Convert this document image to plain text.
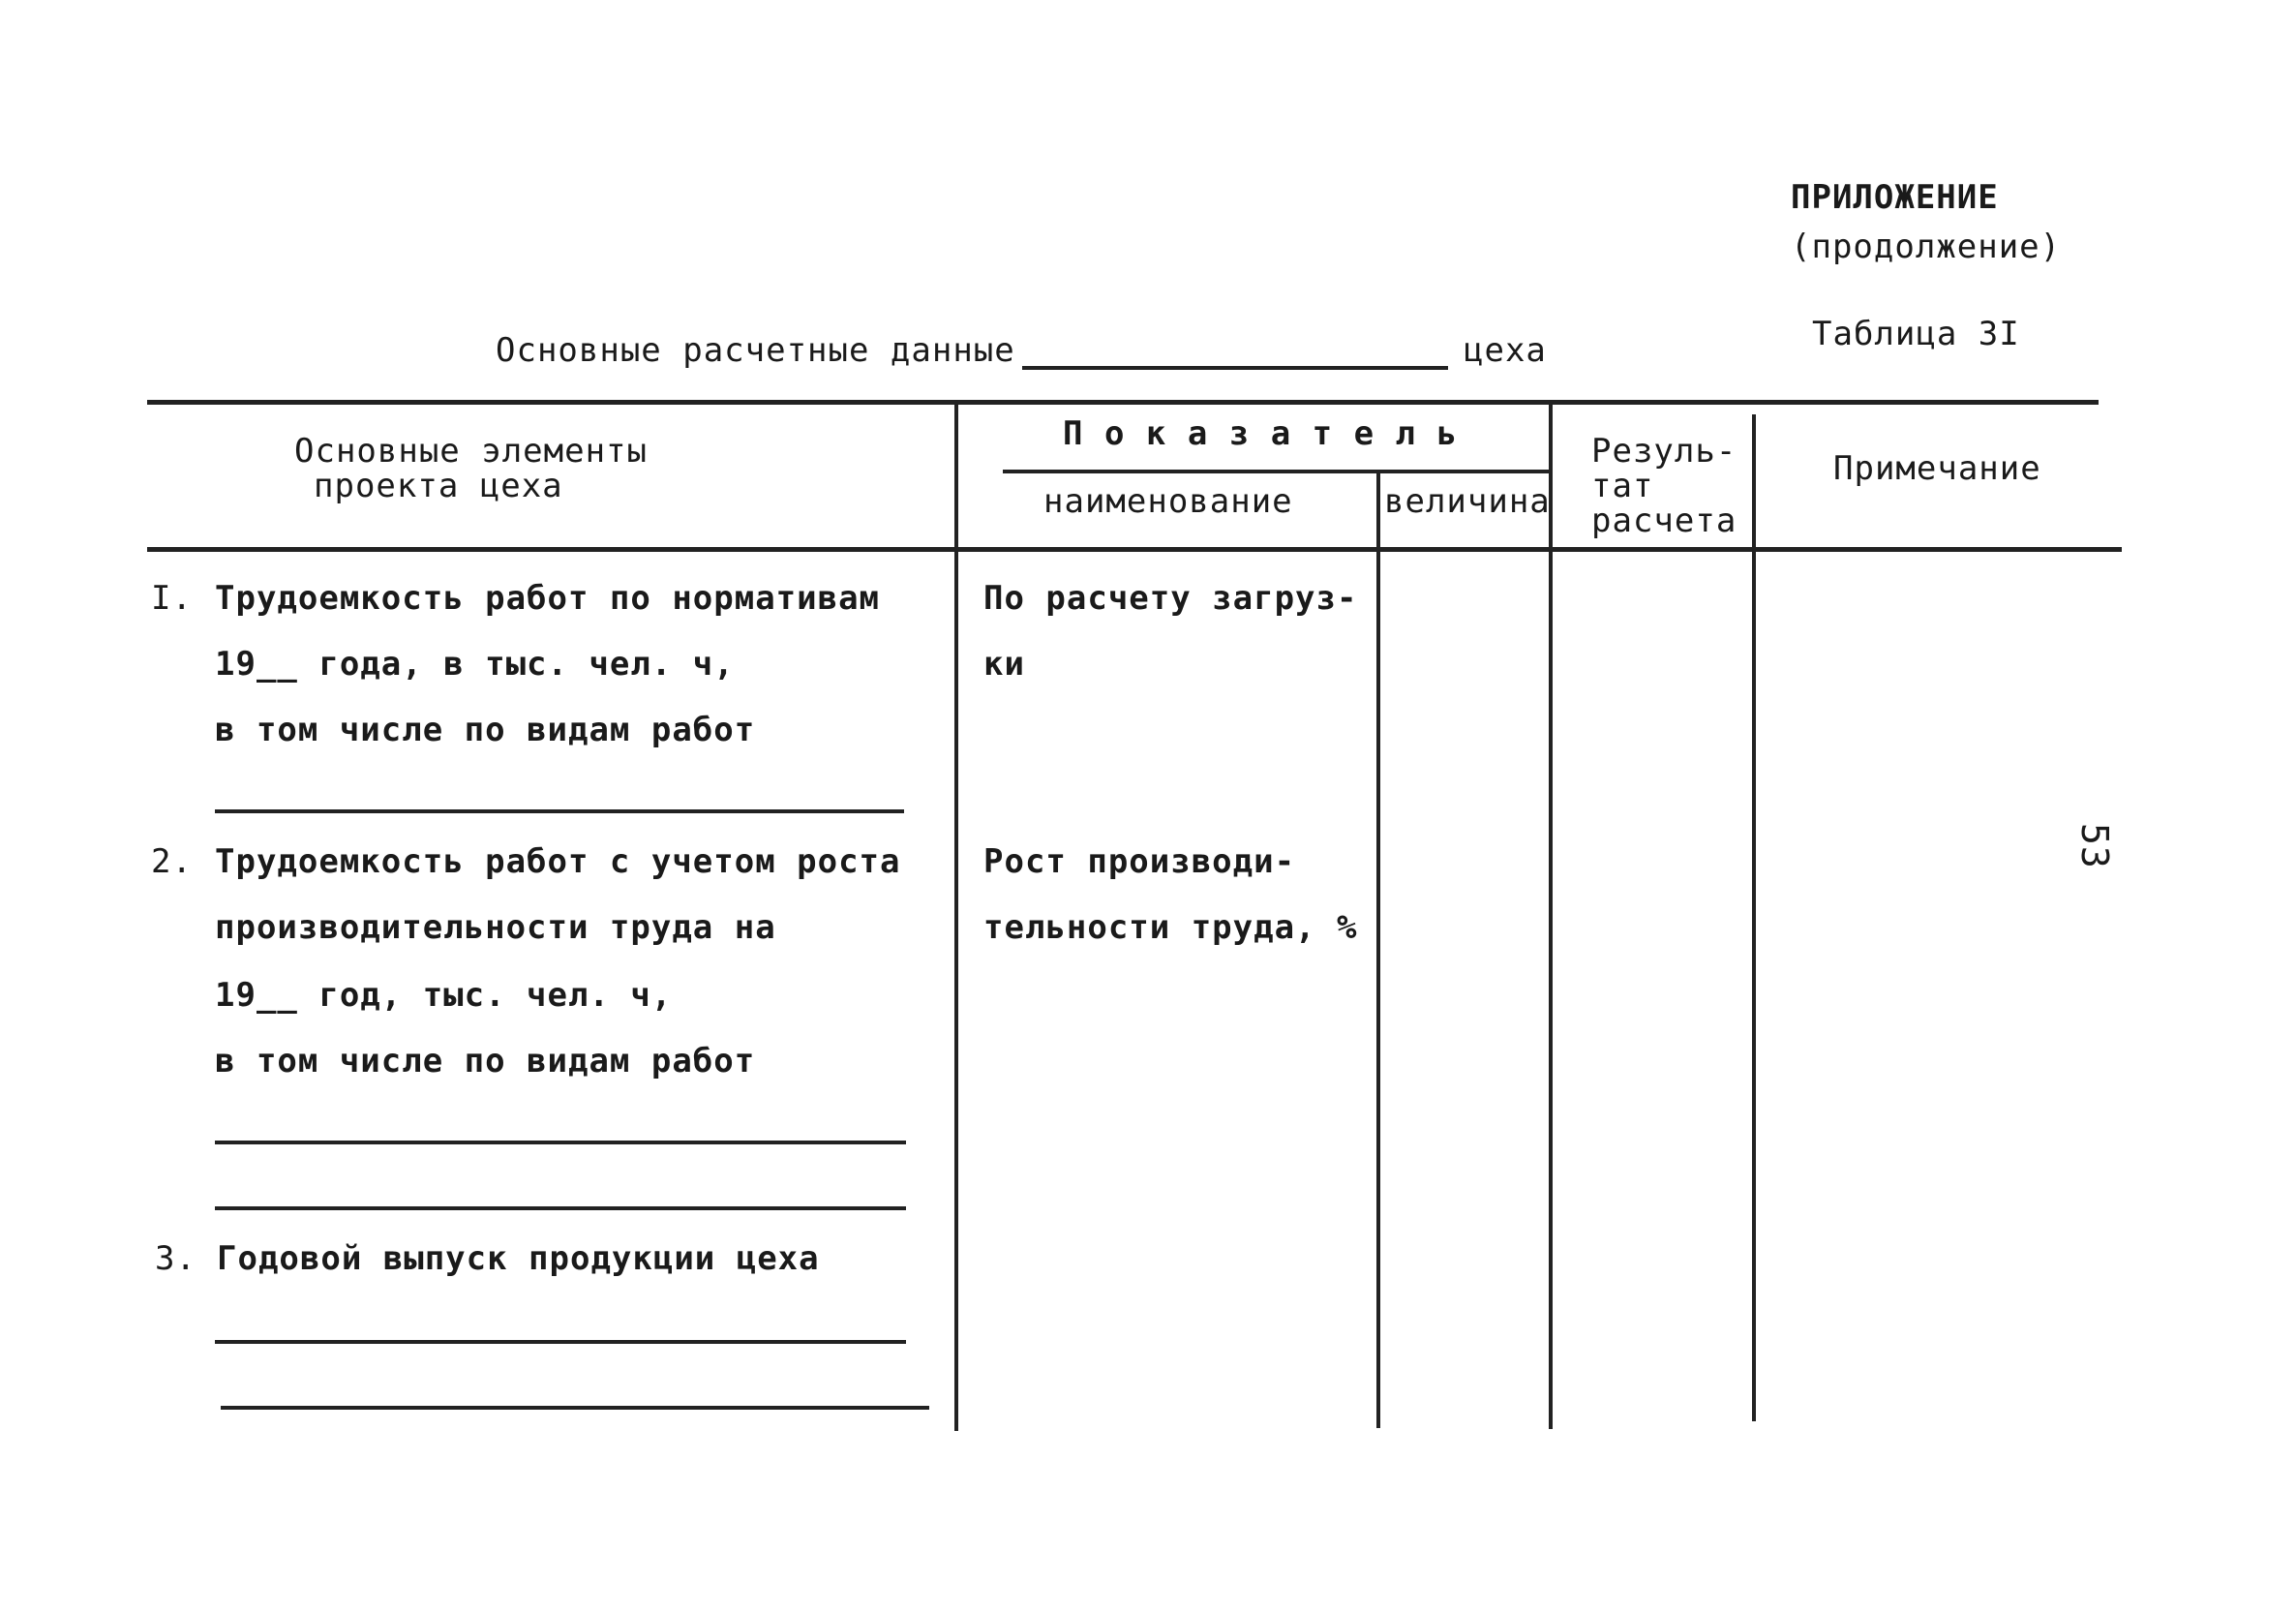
ПРИЛОЖЕНИЕ
(продолжение)
Таблица 3I
Основные расчетные данные	цеха
53
Основные элементы
проекта цеха
П о к а з а т е л ь
наименование	величина
Резуль-
тат
расчета
Примечание
I. Трудоемкость работ по нормативам
19__ года, в тыс. чел. ч,
в том числе по видам работ
По расчету загруз-
ки
2. Трудоемкость работ с учетом роста
производительности труда на
19__ год, тыс. чел. ч,
в том числе по видам работ
Рост производи-
тельности труда, %
3. Годовой выпуск продукции цеха
